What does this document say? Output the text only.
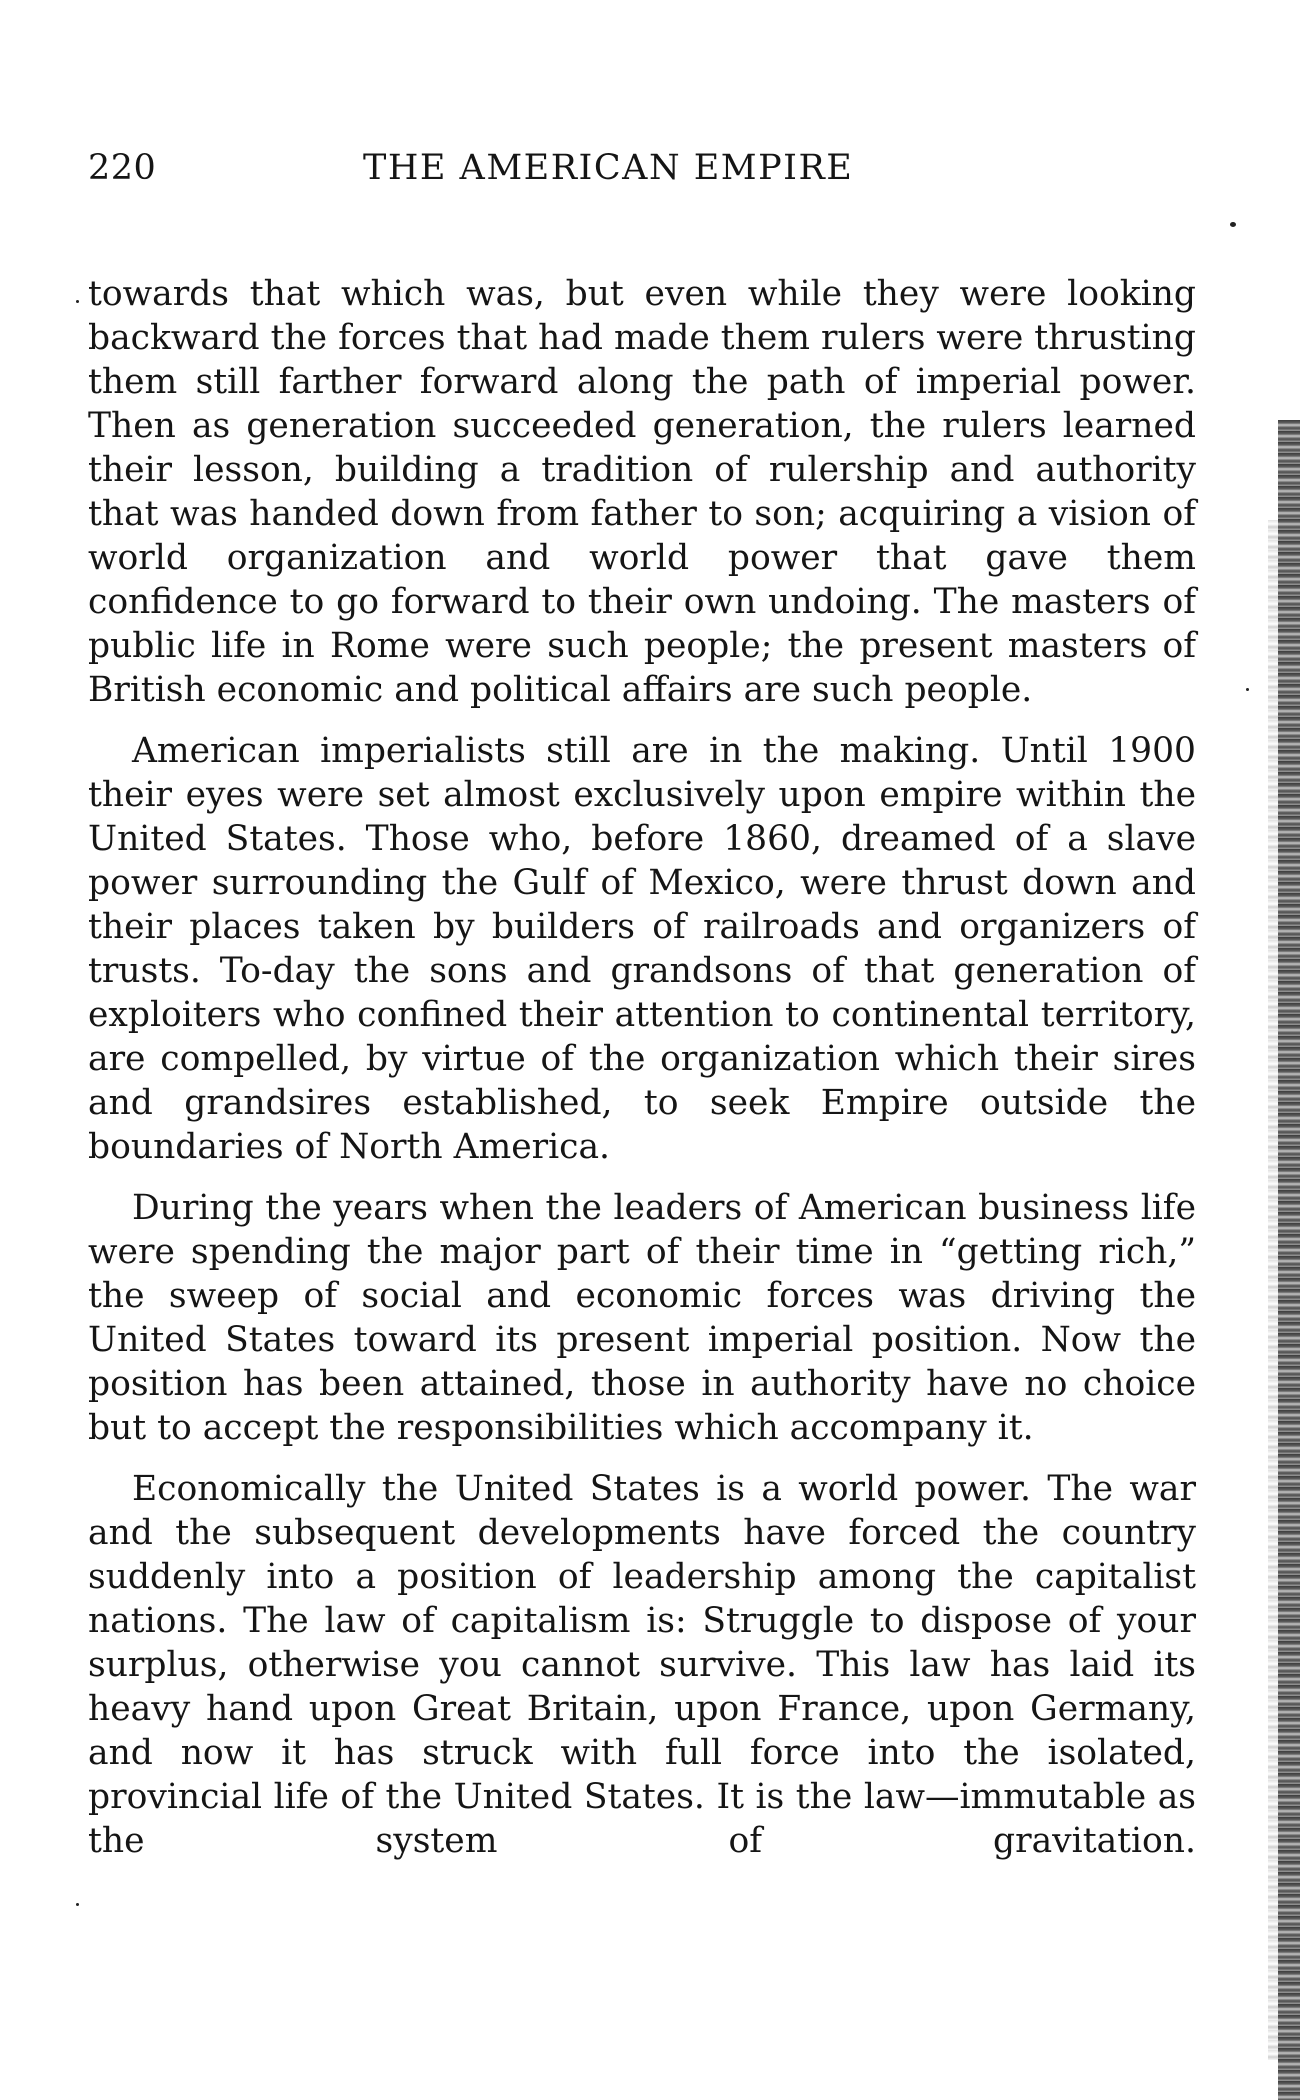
220	THE AMERICAN EMPIRE

towards that which was, but even while they were looking backward the forces that had made them rulers were thrusting them still farther forward along the path of imperial power. Then as generation succeeded generation, the rulers learned their lesson, building a tradition of rulership and authority that was handed down from father to son; acquiring a vision of world organization and world power that gave them confidence to go forward to their own undoing. The masters of public life in Rome were such people; the present masters of British economic and political affairs are such people.

American imperialists still are in the making. Until 1900 their eyes were set almost exclusively upon empire within the United States. Those who, before 1860, dreamed of a slave power surrounding the Gulf of Mexico, were thrust down and their places taken by builders of railroads and organizers of trusts. To-day the sons and grandsons of that generation of exploiters who confined their attention to continental territory, are compelled, by virtue of the organization which their sires and grandsires established, to seek Empire outside the boundaries of North America.

During the years when the leaders of American business life were spending the major part of their time in “getting rich,” the sweep of social and economic forces was driving the United States toward its present imperial position. Now the position has been attained, those in authority have no choice but to accept the responsibilities which accompany it.

Economically the United States is a world power. The war and the subsequent developments have forced the country suddenly into a position of leadership among the capitalist nations. The law of capitalism is: Struggle to dispose of your surplus, otherwise you cannot survive. This law has laid its heavy hand upon Great Britain, upon France, upon Germany, and now it has struck with full force into the isolated, provincial life of the United States. It is the law—immutable as the system of gravitation.
